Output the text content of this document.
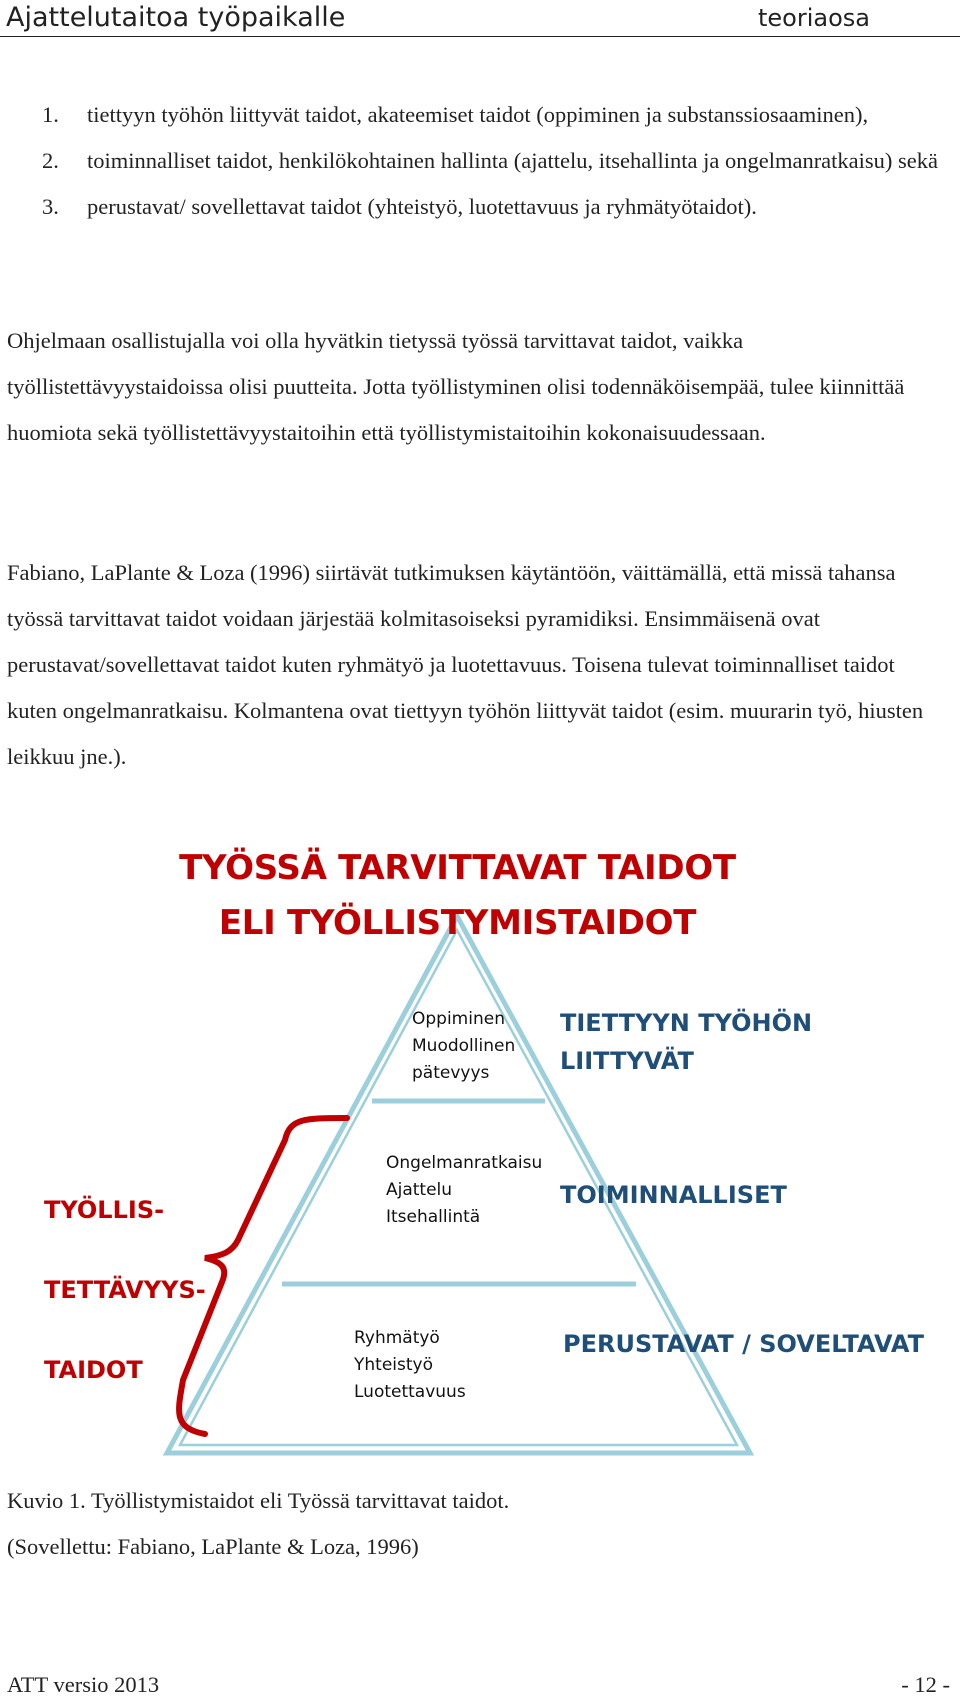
Ajattelutaitoa työpaikalle	teoriaosa
1. tiettyyn työhön liittyvät taidot, akateemiset taidot (oppiminen ja substanssiosaaminen),
2. toiminnalliset taidot, henkilökohtainen hallinta (ajattelu, itsehallinta ja ongelmanratkaisu) sekä
3. perustavat/ sovellettavat taidot (yhteistyö, luotettavuus ja ryhmätyötaidot).

Ohjelmaan osallistujalla voi olla hyvätkin tietyssä työssä tarvittavat taidot, vaikka työllistettävyystaidoissa olisi puutteita. Jotta työllistyminen olisi todennäköisempää, tulee kiinnittää huomiota sekä työllistettävyystaitoihin että työllistymistaitoihin kokonaisuudessaan.

Fabiano, LaPlante & Loza (1996) siirtävät tutkimuksen käytäntöön, väittämällä, että missä tahansa työssä tarvittavat taidot voidaan järjestää kolmitasoiseksi pyramidiksi. Ensimmäisenä ovat perustavat/sovellettavat taidot kuten ryhmätyö ja luotettavuus. Toisena tulevat toiminnalliset taidot kuten ongelmanratkaisu. Kolmantena ovat tiettyyn työhön liittyvät taidot (esim. muurarin työ, hiusten leikkuu jne.).

TYÖSSÄ TARVITTAVAT TAIDOT
ELI TYÖLLISTYMISTAIDOT
Oppiminen
Muodollinen
pätevyys
TIETTYYN TYÖHÖN
LIITTYVÄT
Ongelmanratkaisu
Ajattelu
Itsehallintä
TOIMINNALLISET
Ryhmätyö
Yhteistyö
Luotettavuus
PERUSTAVAT / SOVELTAVAT

TYÖLLIS-

TETTÄVYYS-

TAIDOT

Kuvio 1. Työllistymistaidot eli Työssä tarvittavat taidot.
(Sovellettu: Fabiano, LaPlante & Loza, 1996)
ATT versio 2013	- 12 -
